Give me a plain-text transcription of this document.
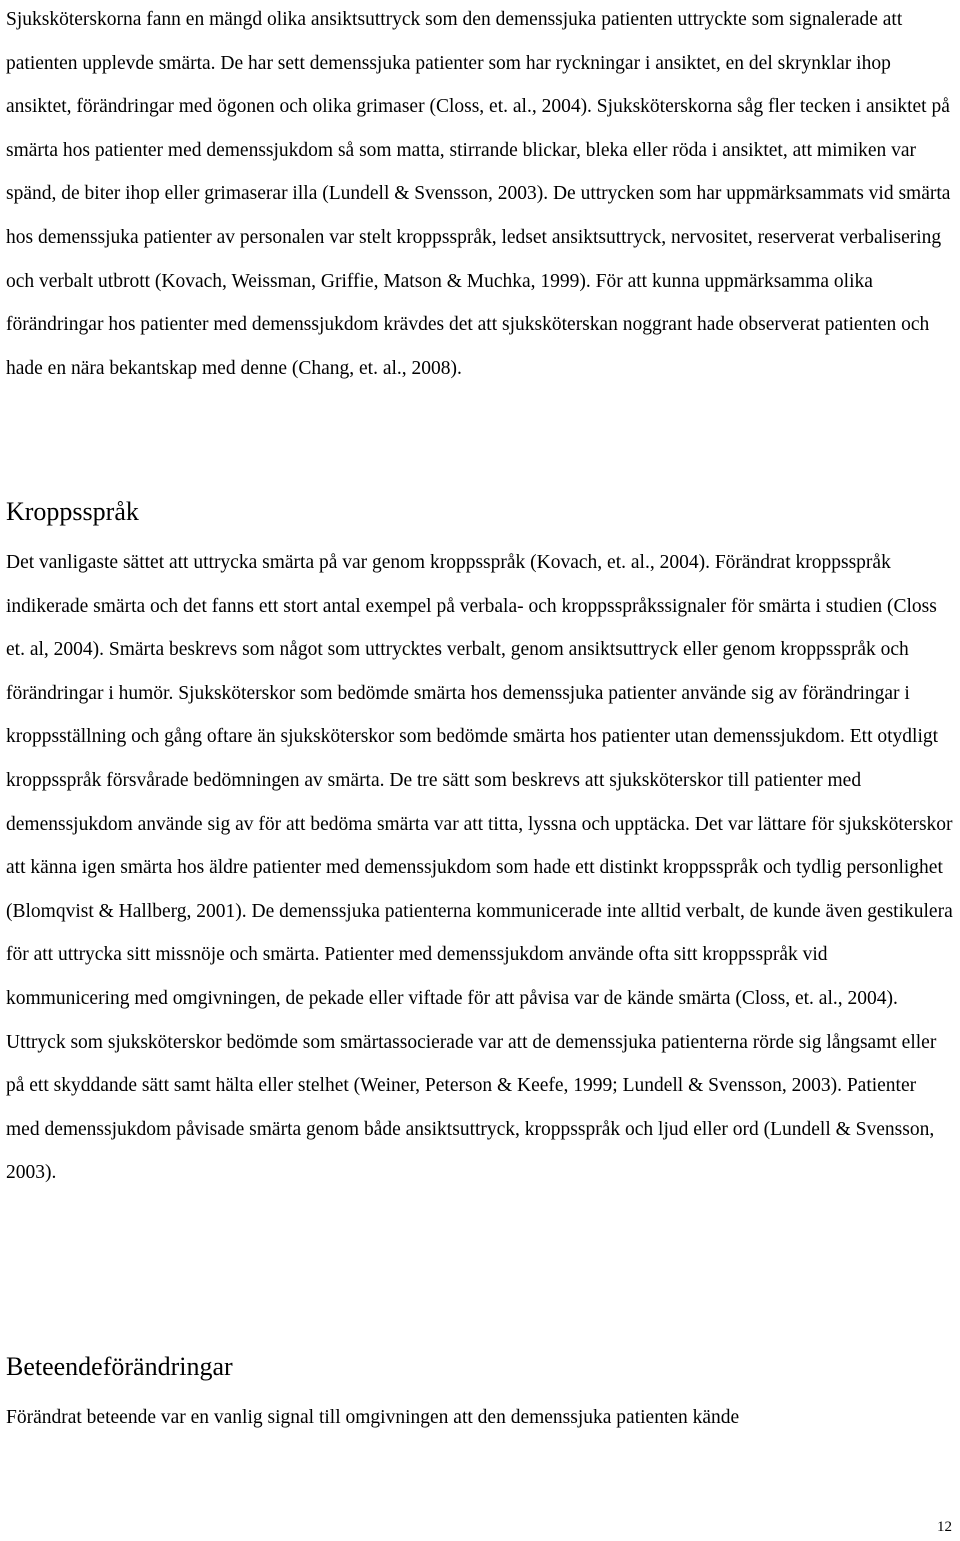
Sjuksköterskorna fann en mängd olika ansiktsuttryck som den demenssjuka patienten uttryckte som signalerade att patienten upplevde smärta. De har sett demenssjuka patienter som har ryckningar i ansiktet, en del skrynklar ihop ansiktet, förändringar med ögonen och olika grimaser (Closs, et. al., 2004). Sjuksköterskorna såg fler tecken i ansiktet på smärta hos patienter med demenssjukdom så som matta, stirrande blickar, bleka eller röda i ansiktet, att mimiken var spänd, de biter ihop eller grimaserar illa (Lundell & Svensson, 2003). De uttrycken som har uppmärksammats vid smärta hos demenssjuka patienter av personalen var stelt kroppsspråk, ledset ansiktsuttryck, nervositet, reserverat verbalisering och verbalt utbrott (Kovach, Weissman, Griffie, Matson & Muchka, 1999). För att kunna uppmärksamma olika förändringar hos patienter med demenssjukdom krävdes det att sjuksköterskan noggrant hade observerat patienten och hade en nära bekantskap med denne (Chang, et. al., 2008).

Kroppsspråk

Det vanligaste sättet att uttrycka smärta på var genom kroppsspråk (Kovach, et. al., 2004). Förändrat kroppsspråk indikerade smärta och det fanns ett stort antal exempel på verbala- och kroppsspråkssignaler för smärta i studien (Closs et. al, 2004). Smärta beskrevs som något som uttrycktes verbalt, genom ansiktsuttryck eller genom kroppsspråk och förändringar i humör. Sjuksköterskor som bedömde smärta hos demenssjuka patienter använde sig av förändringar i kroppsställning och gång oftare än sjuksköterskor som bedömde smärta hos patienter utan demenssjukdom. Ett otydligt kroppsspråk försvårade bedömningen av smärta. De tre sätt som beskrevs att sjuksköterskor till patienter med demenssjukdom använde sig av för att bedöma smärta var att titta, lyssna och upptäcka. Det var lättare för sjuksköterskor att känna igen smärta hos äldre patienter med demenssjukdom som hade ett distinkt kroppsspråk och tydlig personlighet (Blomqvist & Hallberg, 2001). De demenssjuka patienterna kommunicerade inte alltid verbalt, de kunde även gestikulera för att uttrycka sitt missnöje och smärta. Patienter med demenssjukdom använde ofta sitt kroppsspråk vid kommunicering med omgivningen, de pekade eller viftade för att påvisa var de kände smärta (Closs, et. al., 2004). Uttryck som sjuksköterskor bedömde som smärtassocierade var att de demenssjuka patienterna rörde sig långsamt eller på ett skyddande sätt samt hälta eller stelhet (Weiner, Peterson & Keefe, 1999; Lundell & Svensson, 2003). Patienter med demenssjukdom påvisade smärta genom både ansiktsuttryck, kroppsspråk och ljud eller ord (Lundell & Svensson, 2003).

Beteendeförändringar

Förändrat beteende var en vanlig signal till omgivningen att den demenssjuka patienten kände

12
